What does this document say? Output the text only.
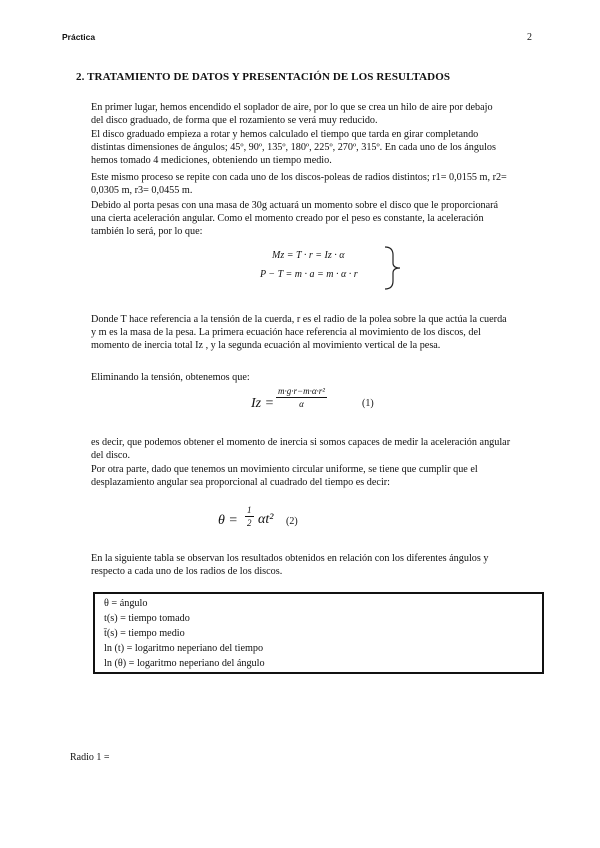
Práctica	2
2. TRATAMIENTO DE DATOS Y PRESENTACIÓN DE LOS RESULTADOS
En primer lugar, hemos encendido el soplador de aire, por lo que se crea un hilo de aire por debajo
del disco graduado, de forma que el rozamiento se verá muy reducido.
El disco graduado empieza a rotar y hemos calculado el tiempo que tarda en girar completando
distintas dimensiones de ángulos; 45º, 90º, 135º, 180º, 225º, 270º, 315º. En cada uno de los ángulos
hemos tomado 4 mediciones, obteniendo un tiempo medio.
Este mismo proceso se repite con cada uno de los discos-poleas de radios distintos; r1= 0,0155 m, r2=
0,0305 m, r3= 0,0455 m.
Debido al porta pesas con una masa de 30g actuará un momento sobre el disco que le proporcionará
una cierta aceleración angular. Como el momento creado por el peso es constante, la aceleración
también lo será, por lo que:
Mz = T · r = Iz · α
P − T = m · a = m · α · r
Donde T hace referencia a la tensión de la cuerda, r es el radio de la polea sobre la que actúa la cuerda
y m es la masa de la pesa. La primera ecuación hace referencia al movimiento de los discos, del
momento de inercia total Iz , y la segunda ecuación al movimiento vertical de la pesa.
Eliminando la tensión, obtenemos que:
$Iz = \frac{\text{m·g·r−m·α·r²}}{\alpha}$	(1)
es decir, que podemos obtener el momento de inercia si somos capaces de medir la aceleración angular
del disco.
Por otra parte, dado que tenemos un movimiento circular uniforme, se tiene que cumplir que el
desplazamiento angular sea proporcional al cuadrado del tiempo es decir:
$\theta = \frac{1}{2} \alpha t^2$ (2)
En la siguiente tabla se observan los resultados obtenidos en relación con los diferentes ángulos y
respecto a cada uno de los radios de los discos.
θ = ángulo
t(s) = tiempo tomado
t̄(s) = tiempo medio
ln (t) = logaritmo neperiano del tiempo
ln (θ) = logaritmo neperiano del ángulo
Radio 1 =
